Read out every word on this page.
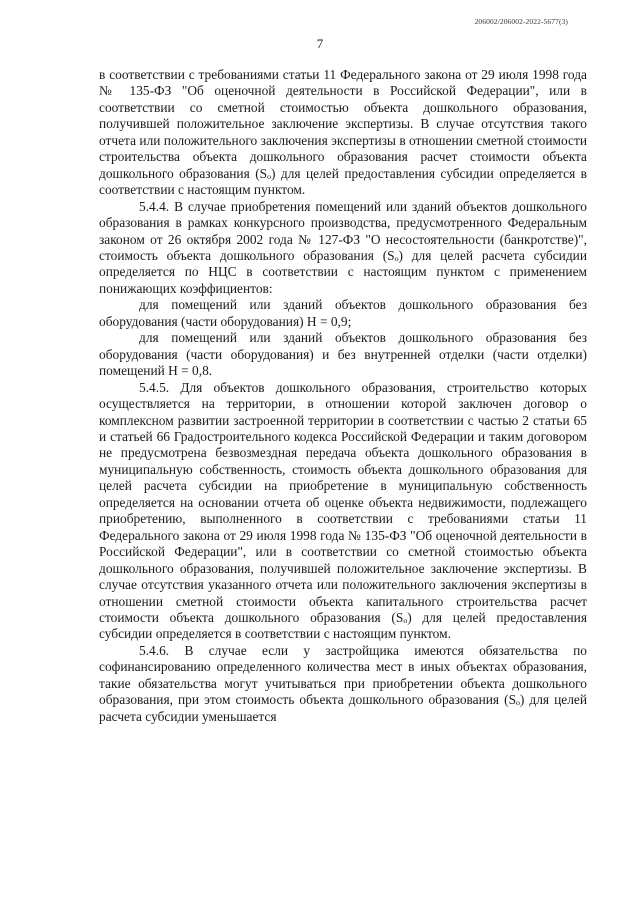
206002/206002-2022-5677(3)
7

в соответствии с требованиями статьи 11 Федерального закона от 29 июля 1998 года № 135-ФЗ "Об оценочной деятельности в Российской Федерации", или в соответствии со сметной стоимостью объекта дошкольного образования, получившей положительное заключение экспертизы. В случае отсутствия такого отчета или положительного заключения экспертизы в отношении сметной стоимости строительства объекта дошкольного образования расчет стоимости объекта дошкольного образования (Sₒ) для целей предоставления субсидии определяется в соответствии с настоящим пунктом.

5.4.4. В случае приобретения помещений или зданий объектов дошкольного образования в рамках конкурсного производства, предусмотренного Федеральным законом от 26 октября 2002 года № 127-ФЗ "О несостоятельности (банкротстве)", стоимость объекта дошкольного образования (Sₒ) для целей расчета субсидии определяется по НЦС в соответствии с настоящим пунктом с применением понижающих коэффициентов:

для помещений или зданий объектов дошкольного образования без оборудования (части оборудования) Н = 0,9;

для помещений или зданий объектов дошкольного образования без оборудования (части оборудования) и без внутренней отделки (части отделки) помещений Н = 0,8.

5.4.5. Для объектов дошкольного образования, строительство которых осуществляется на территории, в отношении которой заключен договор о комплексном развитии застроенной территории в соответствии с частью 2 статьи 65 и статьей 66 Градостроительного кодекса Российской Федерации и таким договором не предусмотрена безвозмездная передача объекта дошкольного образования в муниципальную собственность, стоимость объекта дошкольного образования для целей расчета субсидии на приобретение в муниципальную собственность определяется на основании отчета об оценке объекта недвижимости, подлежащего приобретению, выполненного в соответствии с требованиями статьи 11 Федерального закона от 29 июля 1998 года № 135-ФЗ "Об оценочной деятельности в Российской Федерации", или в соответствии со сметной стоимостью объекта дошкольного образования, получившей положительное заключение экспертизы. В случае отсутствия указанного отчета или положительного заключения экспертизы в отношении сметной стоимости объекта капитального строительства расчет стоимости объекта дошкольного образования (Sₒ) для целей предоставления субсидии определяется в соответствии с настоящим пунктом.

5.4.6. В случае если у застройщика имеются обязательства по софинансированию определенного количества мест в иных объектах образования, такие обязательства могут учитываться при приобретении объекта дошкольного образования, при этом стоимость объекта дошкольного образования (Sₒ) для целей расчета субсидии уменьшается
